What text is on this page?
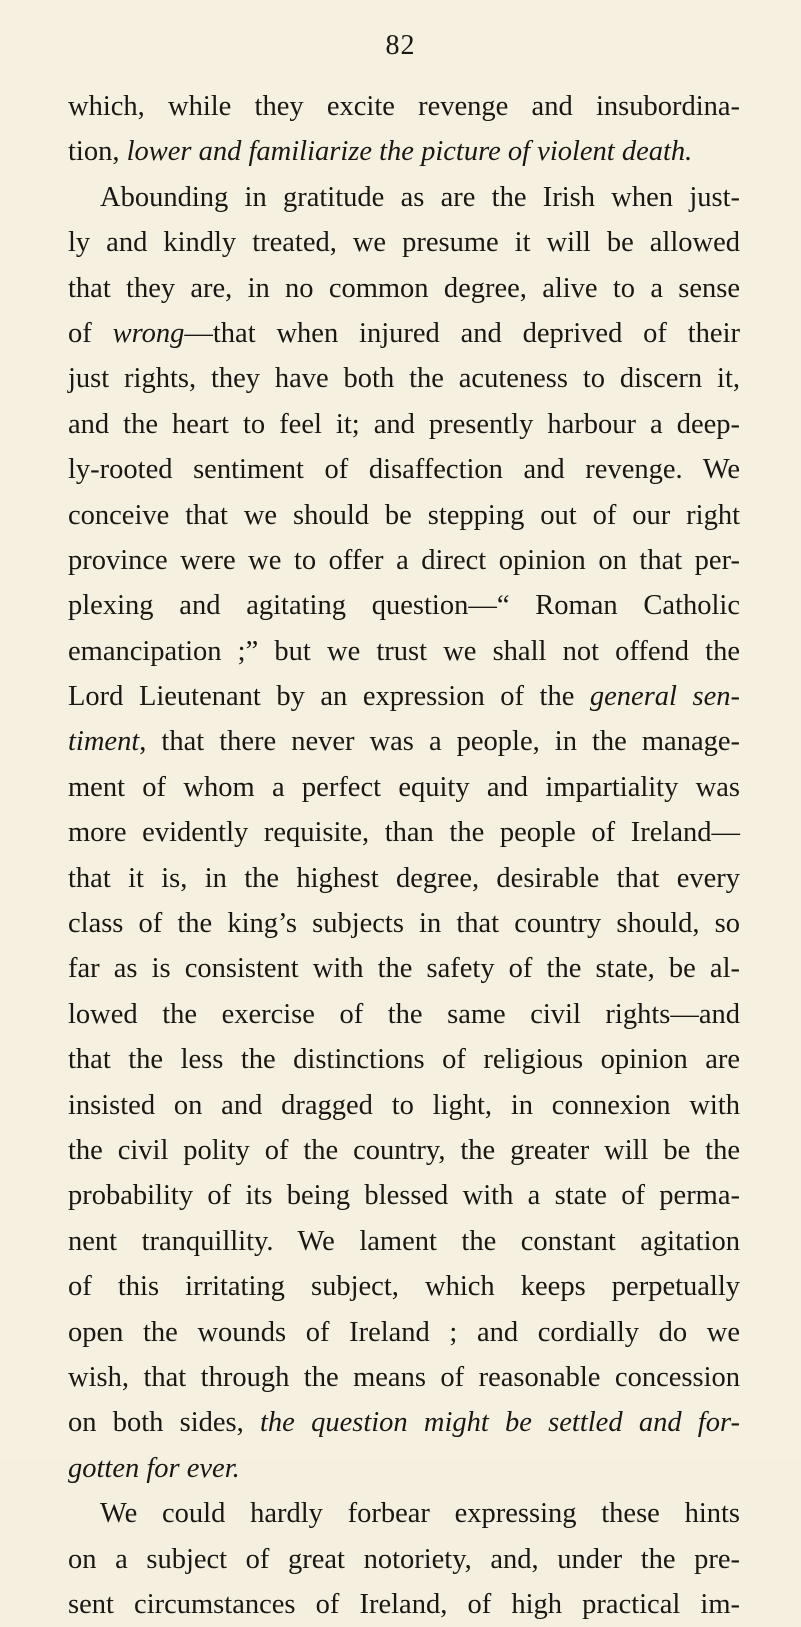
82
which, while they excite revenge and insubordina-
tion, lower and familiarize the picture of violent death.
Abounding in gratitude as are the Irish when just-
ly and kindly treated, we presume it will be allowed
that they are, in no common degree, alive to a sense
of wrong—that when injured and deprived of their
just rights, they have both the acuteness to discern it,
and the heart to feel it; and presently harbour a deep-
ly-rooted sentiment of disaffection and revenge. We
conceive that we should be stepping out of our right
province were we to offer a direct opinion on that per-
plexing and agitating question—“ Roman Catholic
emancipation ;” but we trust we shall not offend the
Lord Lieutenant by an expression of the general sen-
timent, that there never was a people, in the manage-
ment of whom a perfect equity and impartiality was
more evidently requisite, than the people of Ireland—
that it is, in the highest degree, desirable that every
class of the king’s subjects in that country should, so
far as is consistent with the safety of the state, be al-
lowed the exercise of the same civil rights—and
that the less the distinctions of religious opinion are
insisted on and dragged to light, in connexion with
the civil polity of the country, the greater will be the
probability of its being blessed with a state of perma-
nent tranquillity. We lament the constant agitation
of this irritating subject, which keeps perpetually
open the wounds of Ireland ; and cordially do we
wish, that through the means of reasonable concession
on both sides, the question might be settled and for-
gotten for ever.
We could hardly forbear expressing these hints
on a subject of great notoriety, and, under the pre-
sent circumstances of Ireland, of high practical im-
